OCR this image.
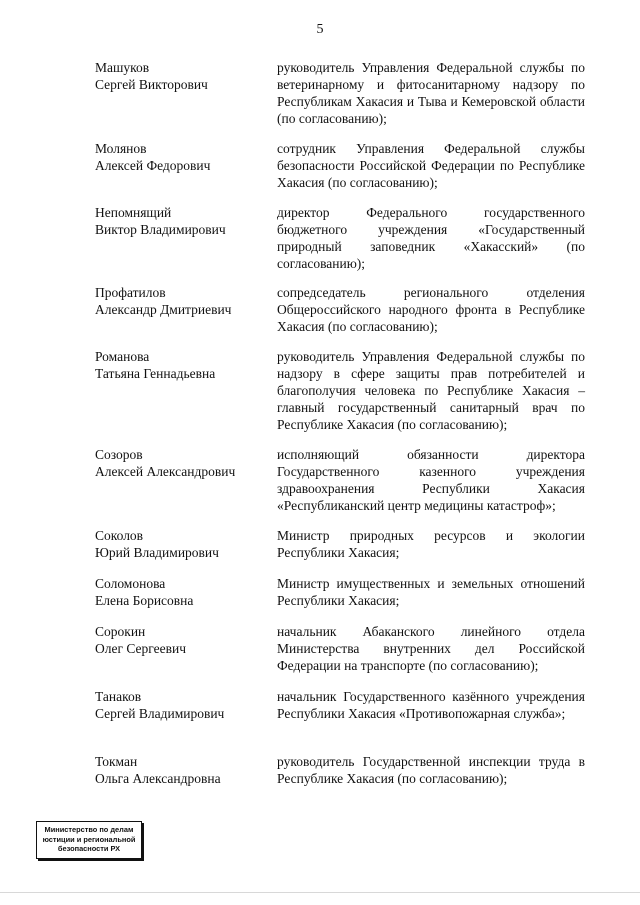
5
Машуков
Сергей Викторович
руководитель Управления Федеральной службы по ветеринарному и фитосанитарному надзору по Республикам Хакасия и Тыва и Кемеровской области (по согласованию);
Молянов
Алексей Федорович
сотрудник Управления Федеральной службы безопасности Российской Федерации по Республике Хакасия (по согласованию);
Непомнящий
Виктор Владимирович
директор Федерального государственного бюджетного учреждения «Государственный природный заповедник «Хакасский» (по согласованию);
Профатилов
Александр Дмитриевич
сопредседатель регионального отделения Общероссийского народного фронта в Республике Хакасия (по согласованию);
Романова
Татьяна Геннадьевна
руководитель Управления Федеральной службы по надзору в сфере защиты прав потребителей и благополучия человека по Республике Хакасия – главный государственный санитарный врач по Республике Хакасия (по согласованию);
Созоров
Алексей Александрович
исполняющий обязанности директора Государственного казенного учреждения здравоохранения Республики Хакасия «Республиканский центр медицины катастроф»;
Соколов
Юрий Владимирович
Министр природных ресурсов и экологии Республики Хакасия;
Соломонова
Елена Борисовна
Министр имущественных и земельных отношений Республики Хакасия;
Сорокин
Олег Сергеевич
начальник Абаканского линейного отдела Министерства внутренних дел Российской Федерации на транспорте (по согласованию);
Танаков
Сергей Владимирович
начальник Государственного казённого учреждения Республики Хакасия «Противопожарная служба»;
Токман
Ольга Александровна
руководитель Государственной инспекции труда в Республике Хакасия (по согласованию);
Министерство по делам
юстиции и региональной
безопасности РХ
